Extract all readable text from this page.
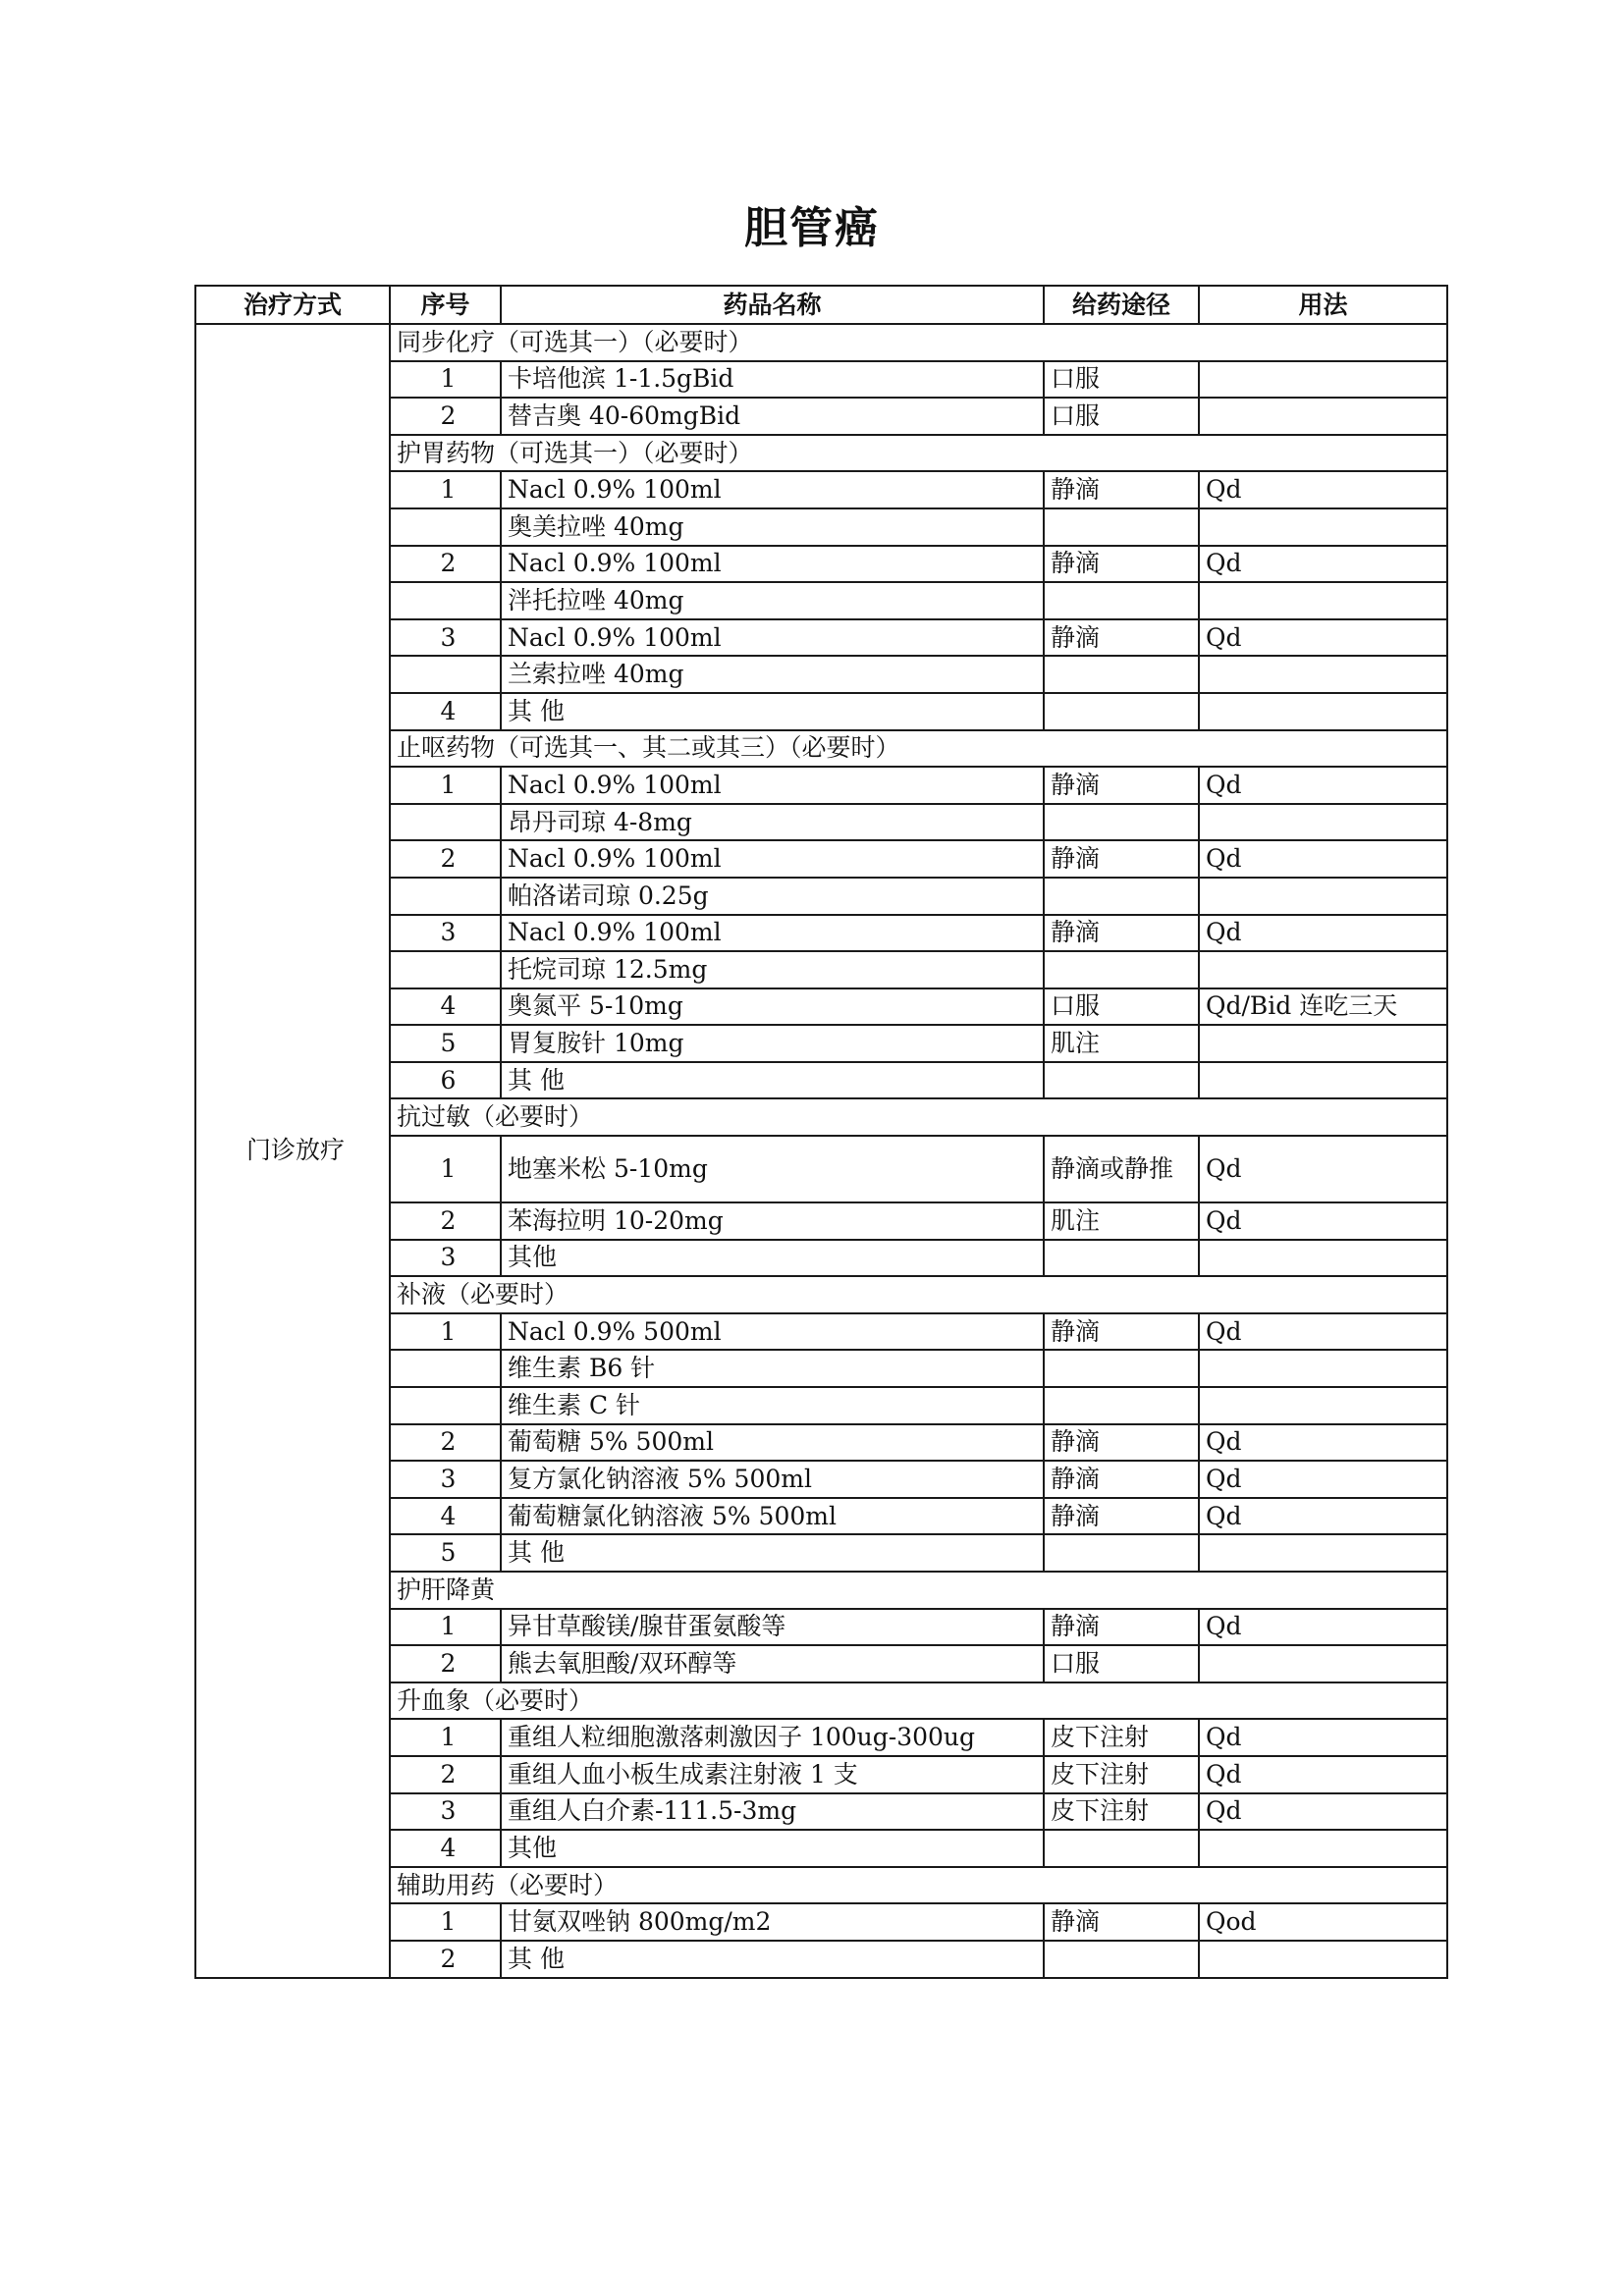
胆管癌
治疗方式	序号	药品名称	给药途径	用法
门诊放疗	同步化疗（可选其一）（必要时）			
	1	卡培他滨 1-1.5gBid	口服	
	2	替吉奥 40-60mgBid	口服	
	护胃药物（可选其一）（必要时）			
	1	Nacl 0.9% 100ml	静滴	Qd
		奥美拉唑 40mg		
	2	Nacl 0.9% 100ml	静滴	Qd
		泮托拉唑 40mg		
	3	Nacl 0.9% 100ml	静滴	Qd
		兰索拉唑 40mg		
	4	其 他		
	止呕药物（可选其一、其二或其三）（必要时）			
	1	Nacl 0.9% 100ml	静滴	Qd
		昂丹司琼 4-8mg		
	2	Nacl 0.9% 100ml	静滴	Qd
		帕洛诺司琼 0.25g		
	3	Nacl 0.9% 100ml	静滴	Qd
		托烷司琼 12.5mg		
	4	奥氮平 5-10mg	口服	Qd/Bid 连吃三天
	5	胃复胺针 10mg	肌注	
	6	其 他		
	抗过敏（必要时）			
	1	地塞米松 5-10mg	静滴或静推	Qd
	2	苯海拉明 10-20mg	肌注	Qd
	3	其他		
	补液（必要时）			
	1	Nacl 0.9% 500ml	静滴	Qd
		维生素 B6 针		
		维生素 C 针		
	2	葡萄糖 5% 500ml	静滴	Qd
	3	复方氯化钠溶液 5% 500ml	静滴	Qd
	4	葡萄糖氯化钠溶液 5% 500ml	静滴	Qd
	5	其 他		
	护肝降黄			
	1	异甘草酸镁/腺苷蛋氨酸等	静滴	Qd
	2	熊去氧胆酸/双环醇等	口服	
	升血象（必要时）			
	1	重组人粒细胞激落刺激因子 100ug-300ug	皮下注射	Qd
	2	重组人血小板生成素注射液 1 支	皮下注射	Qd
	3	重组人白介素-111.5-3mg	皮下注射	Qd
	4	其他		
	辅助用药（必要时）			
	1	甘氨双唑钠 800mg/m2	静滴	Qod
	2	其 他		
